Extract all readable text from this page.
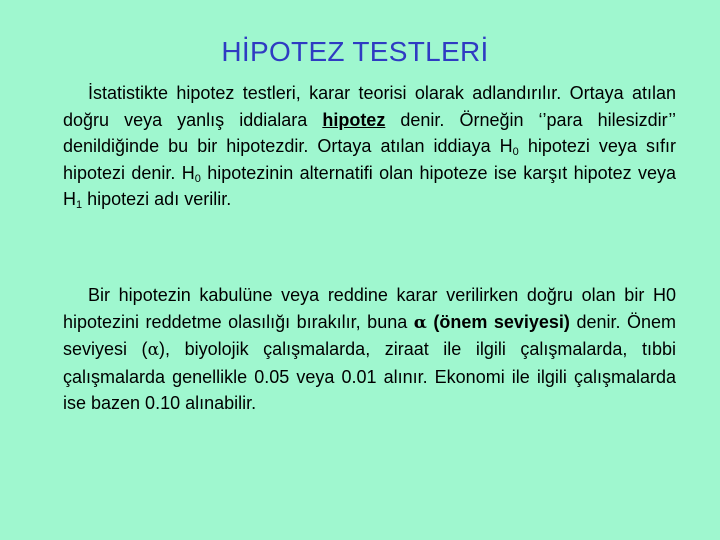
HİPOTEZ TESTLERİ
İstatistikte hipotez testleri, karar teorisi olarak adlandırılır. Ortaya atılan doğru veya yanlış iddialara hipotez denir. Örneğin ‘’para hilesizdir’’ denildiğinde bu bir hipotezdir. Ortaya atılan iddiaya $H_0$ hipotezi veya sıfır hipotezi denir. $H_0$ hipotezinin alternatifi olan hipoteze ise karşıt hipotez veya $H_1$ hipotezi adı verilir.
Bir hipotezin kabulüne veya reddine karar verilirken doğru olan bir H0 hipotezini reddetme olasılığı bırakılır, buna α (önem seviyesi) denir. Önem seviyesi (α), biyolojik çalışmalarda, ziraat ile ilgili çalışmalarda, tıbbi çalışmalarda genellikle 0.05 veya 0.01 alınır. Ekonomi ile ilgili çalışmalarda ise bazen 0.10 alınabilir.
